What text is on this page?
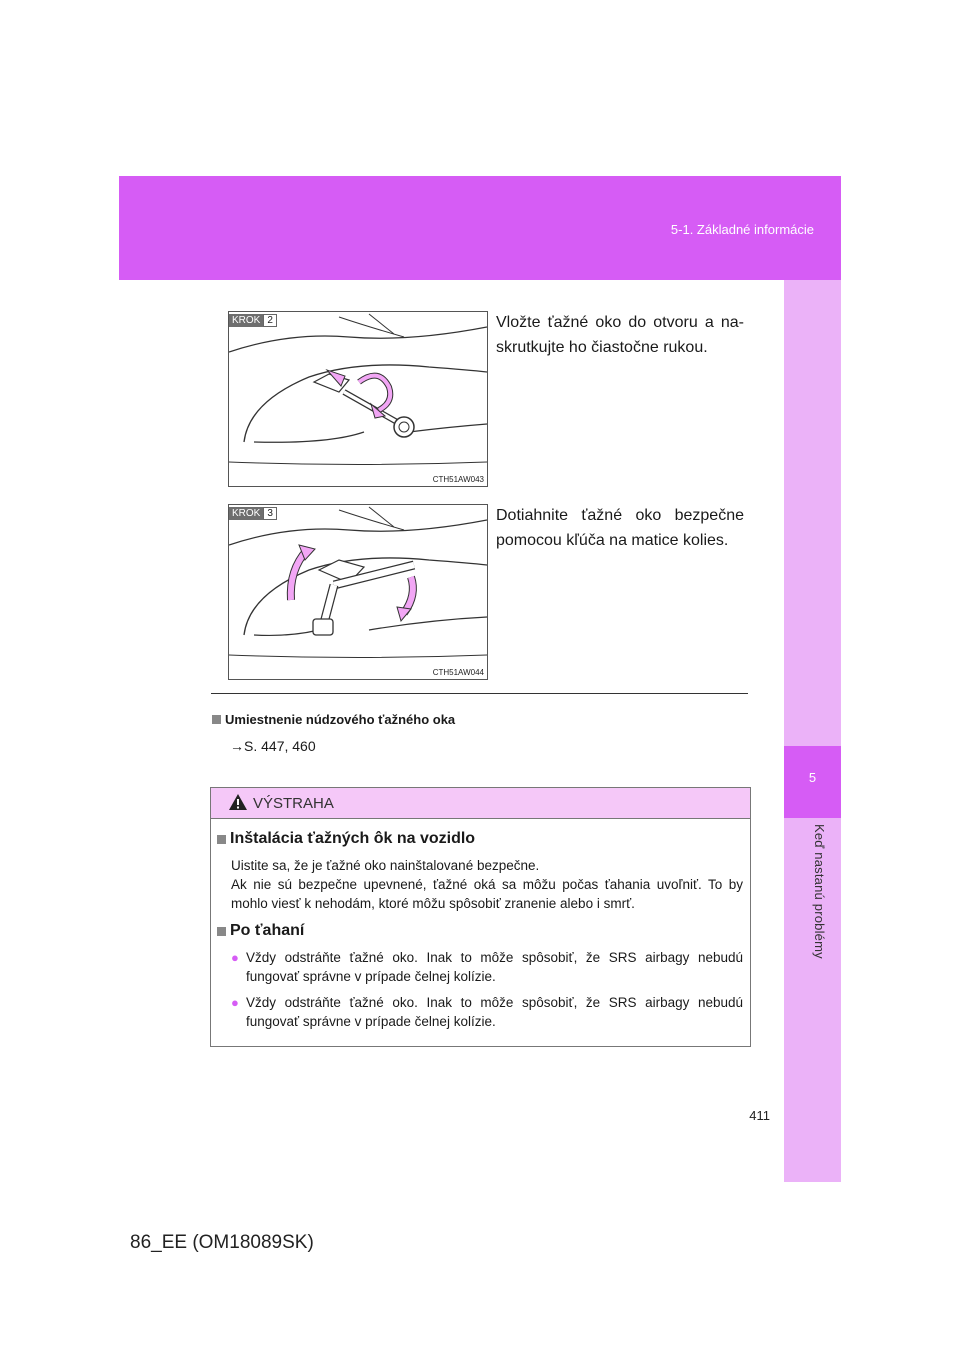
5-1. Základné informácie
5
Keď nastanú problémy
KROK 2
CTH51AW043
Vložte ťažné oko do otvoru a na-skrutkujte ho čiastočne rukou.
KROK 3
CTH51AW044
Dotiahnite ťažné oko bezpečne pomocou kľúča na matice kolies.
Umiestnenie núdzového ťažného oka
→S. 447, 460
VÝSTRAHA
Inštalácia ťažných ôk na vozidlo
Uistite sa, že je ťažné oko nainštalované bezpečne.
Ak nie sú bezpečne upevnené, ťažné oká sa môžu počas ťahania uvoľniť. To by mohlo viesť k nehodám, ktoré môžu spôsobiť zranenie alebo i smrť.
Po ťahaní
● Vždy odstráňte ťažné oko. Inak to môže spôsobiť, že SRS airbagy nebudú fungovať správne v prípade čelnej kolízie.
● Vždy odstráňte ťažné oko. Inak to môže spôsobiť, že SRS airbagy nebudú fungovať správne v prípade čelnej kolízie.
411
86_EE (OM18089SK)
